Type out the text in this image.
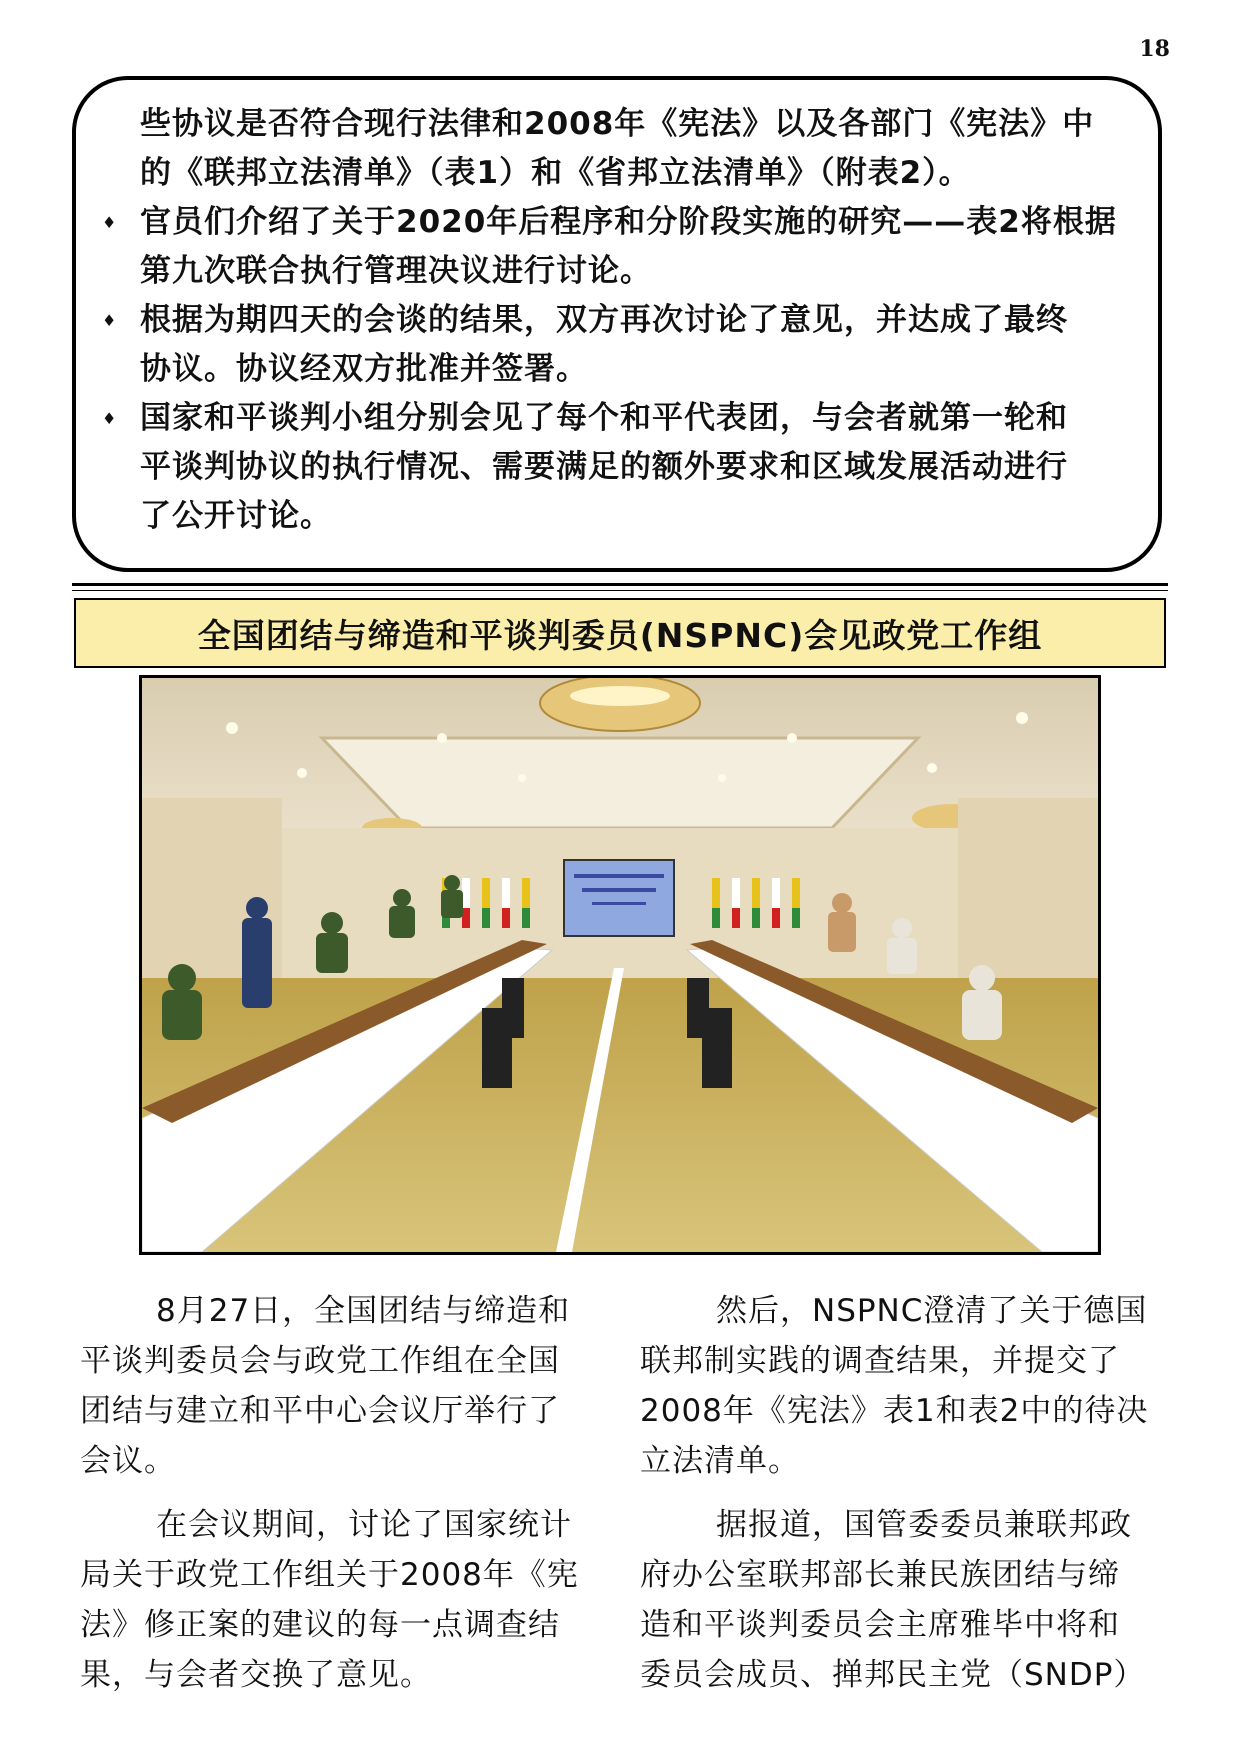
18
些协议是否符合现行法律和2008年《宪法》以及各部门《宪法》中
的《联邦立法清单》（表1）和《省邦立法清单》（附表2）。
♦ 官员们介绍了关于2020年后程序和分阶段实施的研究——表2将根据
第九次联合执行管理决议进行讨论。
♦ 根据为期四天的会谈的结果，双方再次讨论了意见，并达成了最终
协议。协议经双方批准并签署。
♦ 国家和平谈判小组分别会见了每个和平代表团，与会者就第一轮和
平谈判协议的执行情况、需要满足的额外要求和区域发展活动进行
了公开讨论。
全国团结与缔造和平谈判委员(NSPNC)会见政党工作组
8月27日，全国团结与缔造和
平谈判委员会与政党工作组在全国
团结与建立和平中心会议厅举行了
会议。
在会议期间，讨论了国家统计
局关于政党工作组关于2008年《宪
法》修正案的建议的每一点调查结
果，与会者交换了意见。
然后，NSPNC澄清了关于德国
联邦制实践的调查结果，并提交了
2008年《宪法》表1和表2中的待决
立法清单。
据报道，国管委委员兼联邦政
府办公室联邦部长兼民族团结与缔
造和平谈判委员会主席雅毕中将和
委员会成员、掸邦民主党（SNDP）
